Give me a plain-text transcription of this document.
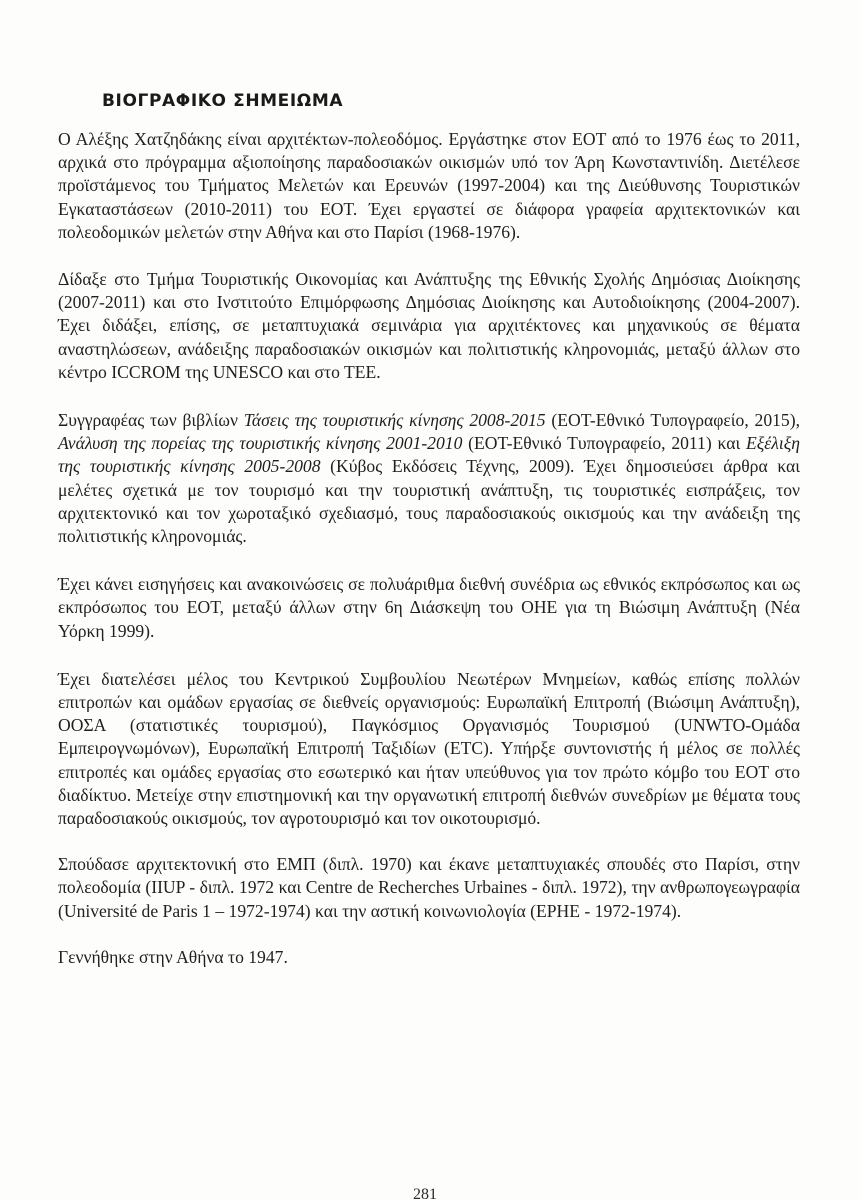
ΒΙΟΓΡΑΦΙΚΟ ΣΗΜΕΙΩΜΑ

Ο Αλέξης Χατζηδάκης είναι αρχιτέκτων-πολεοδόμος. Εργάστηκε στον ΕΟΤ από το 1976 έως το 2011, αρχικά στο πρόγραμμα αξιοποίησης παραδοσιακών οικισμών υπό τον Άρη Κωνσταντινίδη. Διετέλεσε προϊστάμενος του Τμήματος Μελετών και Ερευνών (1997-2004) και της Διεύθυνσης Τουριστικών Εγκαταστάσεων (2010-2011) του ΕΟΤ. Έχει εργαστεί σε διάφορα γραφεία αρχιτεκτονικών και πολεοδομικών μελετών στην Αθήνα και στο Παρίσι (1968-1976).

Δίδαξε στο Τμήμα Τουριστικής Οικονομίας και Ανάπτυξης της Εθνικής Σχολής Δημόσιας Διοίκησης (2007-2011) και στο Ινστιτούτο Επιμόρφωσης Δημόσιας Διοίκησης και Αυτοδιοίκησης (2004-2007). Έχει διδάξει, επίσης, σε μεταπτυχιακά σεμινάρια για αρχιτέκτονες και μηχανικούς σε θέματα αναστηλώσεων, ανάδειξης παραδοσιακών οικισμών και πολιτιστικής κληρονομιάς, μεταξύ άλλων στο κέντρο ICCROM της UNESCO και στο ΤΕΕ.

Συγγραφέας των βιβλίων Τάσεις της τουριστικής κίνησης 2008-2015 (ΕΟΤ-Εθνικό Τυπογραφείο, 2015), Ανάλυση της πορείας της τουριστικής κίνησης 2001-2010 (ΕΟΤ-Εθνικό Τυπογραφείο, 2011) και Εξέλιξη της τουριστικής κίνησης 2005-2008 (Κύβος Εκδόσεις Τέχνης, 2009). Έχει δημοσιεύσει άρθρα και μελέτες σχετικά με τον τουρισμό και την τουριστική ανάπτυξη, τις τουριστικές εισπράξεις, τον αρχιτεκτονικό και τον χωροταξικό σχεδιασμό, τους παραδοσιακούς οικισμούς και την ανάδειξη της πολιτιστικής κληρονομιάς.

Έχει κάνει εισηγήσεις και ανακοινώσεις σε πολυάριθμα διεθνή συνέδρια ως εθνικός εκπρόσωπος και ως εκπρόσωπος του ΕΟΤ, μεταξύ άλλων στην 6η Διάσκεψη του ΟΗΕ για τη Βιώσιμη Ανάπτυξη (Νέα Υόρκη 1999).

Έχει διατελέσει μέλος του Κεντρικού Συμβουλίου Νεωτέρων Μνημείων, καθώς επίσης πολλών επιτροπών και ομάδων εργασίας σε διεθνείς οργανισμούς: Ευρωπαϊκή Επιτροπή (Βιώσιμη Ανάπτυξη), ΟΟΣΑ (στατιστικές τουρισμού), Παγκόσμιος Οργανισμός Τουρισμού (UNWTO-Ομάδα Εμπειρογνωμόνων), Ευρωπαϊκή Επιτροπή Ταξιδίων (ETC). Υπήρξε συντονιστής ή μέλος σε πολλές επιτροπές και ομάδες εργασίας στο εσωτερικό και ήταν υπεύθυνος για τον πρώτο κόμβο του ΕΟΤ στο διαδίκτυο. Μετείχε στην επιστημονική και την οργανωτική επιτροπή διεθνών συνεδρίων με θέματα τους παραδοσιακούς οικισμούς, τον αγροτουρισμό και τον οικοτουρισμό.

Σπούδασε αρχιτεκτονική στο ΕΜΠ (διπλ. 1970) και έκανε μεταπτυχιακές σπουδές στο Παρίσι, στην πολεοδομία (IIUP - διπλ. 1972 και Centre de Recherches Urbaines - διπλ. 1972), την ανθρωπογεωγραφία (Université de Paris 1 – 1972-1974) και την αστική κοινωνιολογία (EPHE - 1972-1974).

Γεννήθηκε στην Αθήνα το 1947.

281
